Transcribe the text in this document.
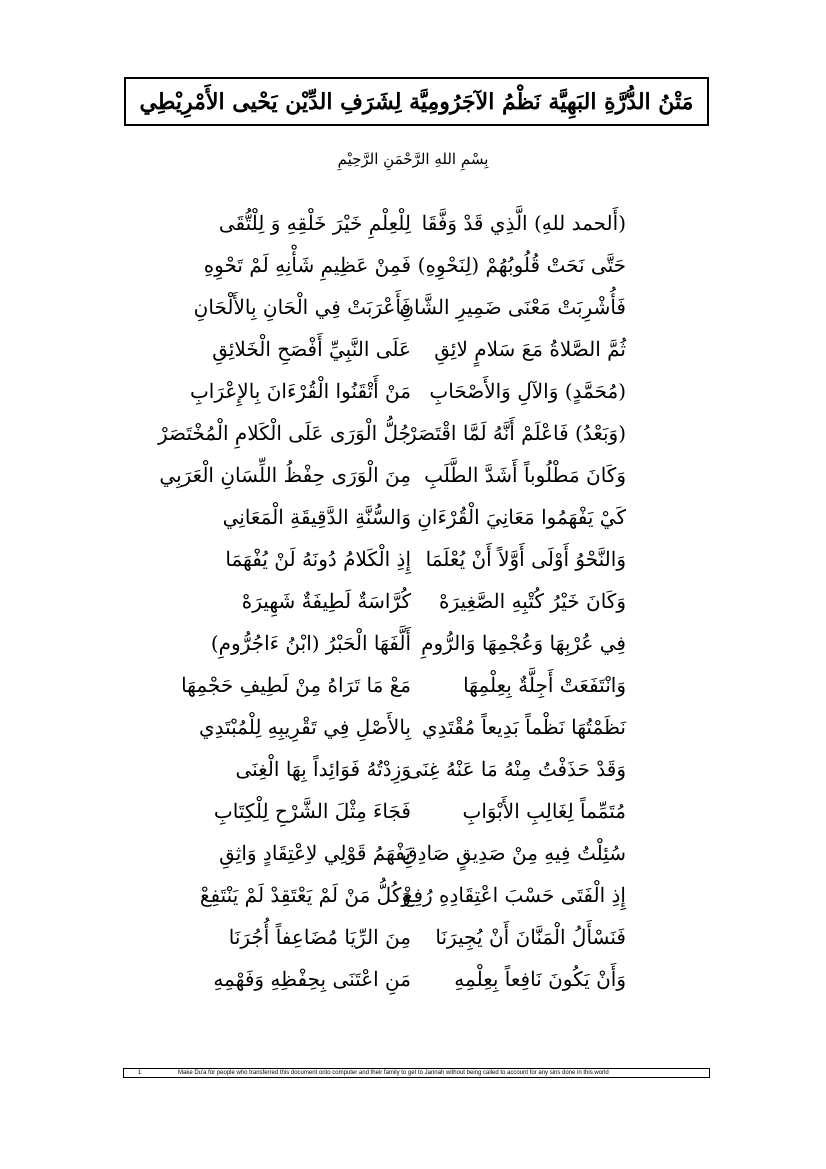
مَتْنُ الدُّرَّةِ البَهِيَّة نَظْمُ الآجَرُومِيَّة لِشَرَفِ الدِّيْن يَحْيى الأَمْرِيْطِي
بِسْمِ اللهِ الرَّحْمَنِ الرَّحِيْمِ
(أَلحمد للهِ) الَّذِي قَدْ وَفَّقَا
لِلْعِلْمِ خَيْرَ خَلْقِهِ وَ لِلْتُّقَى
حَتَّى نَحَتْ قُلُوبُهُمْ (لِنَحْوِهِ)
فَمِنْ عَظِيمِ شَأْنِهِ لَمْ تَحْوِهِ
فَأُشْرِبَتْ مَعْنَى ضَمِيرِ الشَّانِ
فَأَعْرَبَتْ فِي الْحَانِ بِالأَلْحَانِ
ثُمَّ الصَّلاةُ مَعَ سَلامٍ لائِقِ
عَلَى النَّبِيِّ أَفْصَحِ الْخَلائِقِ
(مُحَمَّدٍ) وَالآلِ وَالأَصْحَابِ
مَنْ أَتْقَنُوا الْقُرْءَانَ بِالإِعْرَابِ
(وَبَعْدُ) فَاعْلَمْ أَنَّهُ لَمَّا اقْتَصَرْ
جُلُّ الْوَرَى عَلَى الْكَلامِ الْمُخْتَصَرْ
وَكَانَ مَطْلُوباً أَشَدَّ الطَّلَبِ
مِنَ الْوَرَى حِفْظُ اللِّسَانِ الْعَرَبِي
كَيْ يَفْهَمُوا مَعَانِيَ الْقُرْءَانِ
وَالسُّنَّةِ الدَّقِيقَةِ الْمَعَانِي
وَالنَّحْوُ أَوْلَى أَوَّلاً أَنْ يُعْلَمَا
إِذِ الْكَلامُ دُونَهُ لَنْ يُفْهَمَا
وَكَانَ خَيْرُ كُتْبِهِ الصَّغِيرَهْ
كُرَّاسَةٌ لَطِيفَةٌ شَهِيرَهْ
فِي عُرْبِهَا وَعُجْمِهَا وَالرُّومِ
أَلَّفَهَا الْحَبْرُ (ابْنُ ءَاجُرُّومِ)
وَانْتَفَعَتْ أَجِلَّةٌ بِعِلْمِهَا
مَعْ مَا تَرَاهُ مِنْ لَطِيفِ حَجْمِهَا
نَظَمْتُهَا نَظْماً بَدِيعاً مُقْتَدِي
بِالأَصْلِ فِي تَقْرِيبِهِ لِلْمُبْتَدِي
وَقَدْ حَذَفْتُ مِنْهُ مَا عَنْهُ غِنَى
وَزِدْتُهُ فَوَائِداً بِهَا الْغِنَى
مُتَمِّماً لِغَالِبِ الأَبْوَابِ
فَجَاءَ مِثْلَ الشَّرْحِ لِلْكِتَابِ
سُئِلْتُ فِيهِ مِنْ صَدِيقٍ صَادِقِ
يَفْهَمُ قَوْلِي لاِعْتِقَادٍ وَاثِقِ
إِذِ الْفَتَى حَسْبَ اعْتِقَادِهِ رُفِعْ
وَكُلُّ مَنْ لَمْ يَعْتَقِدْ لَمْ يَنْتَفِعْ
فَنَسْأَلُ الْمَنَّانَ أَنْ يُجِيرَنَا
مِنَ الرِّيَا مُضَاعِفاً أُجُرَنَا
وَأَنْ يَكُونَ نَافِعاً بِعِلْمِهِ
مَنِ اعْتَنَى بِحِفْظِهِ وَفَهْمِهِ
1	Make Du'a for people who transferred this document onto computer and their family to get to Jannah without being called to account for any sins done in this world
